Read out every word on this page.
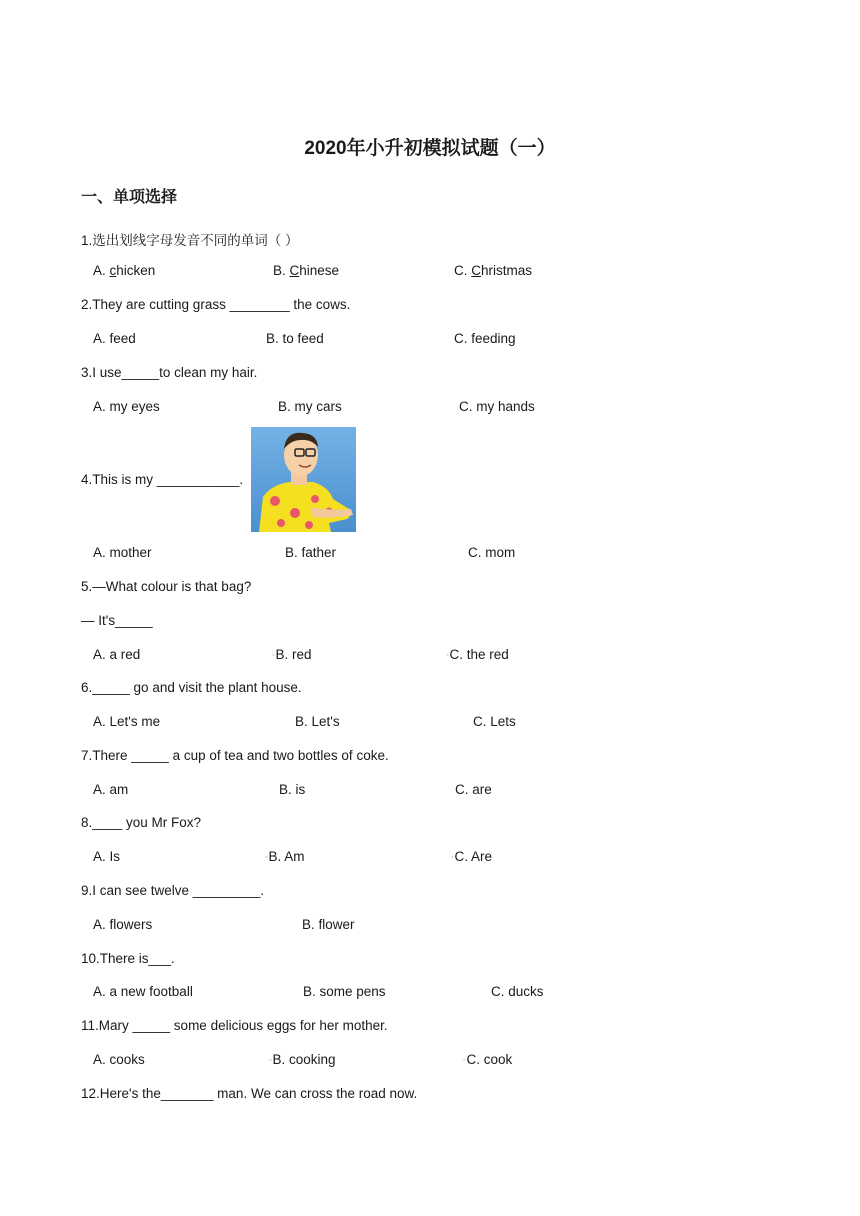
2020年小升初模拟试题（一）
一、单项选择
1.选出划线字母发音不同的单词（ ）
A. chicken	B. Chinese	C. Christmas
2.They are cutting grass ________ the cows.
A. feed	B. to feed	C. feeding
3.I use_____to clean my hair.
A. my eyes	B. my cars	C. my hands
4.This is my ___________.
A. mother	B. father	C. mom
5.—What colour is that bag?
— It's_____
A. a red	◦B. red	◦C. the red
6._____ go and visit the plant house.
A. Let's me	B. Let's	C. Lets
7.There _____ a cup of tea and two bottles of coke.
A. am	B. is	C. are
8.____ you Mr Fox?
A. Is	◦B. Am	◦C. Are
9.I can see twelve _________.
A. flowers	B. flower
10.There is___.
A. a new football	B. some pens	C. ducks
11.Mary _____ some delicious eggs for her mother.
A. cooks	◦B. cooking	◦C. cook
12.Here's the_______ man. We can cross the road now.
